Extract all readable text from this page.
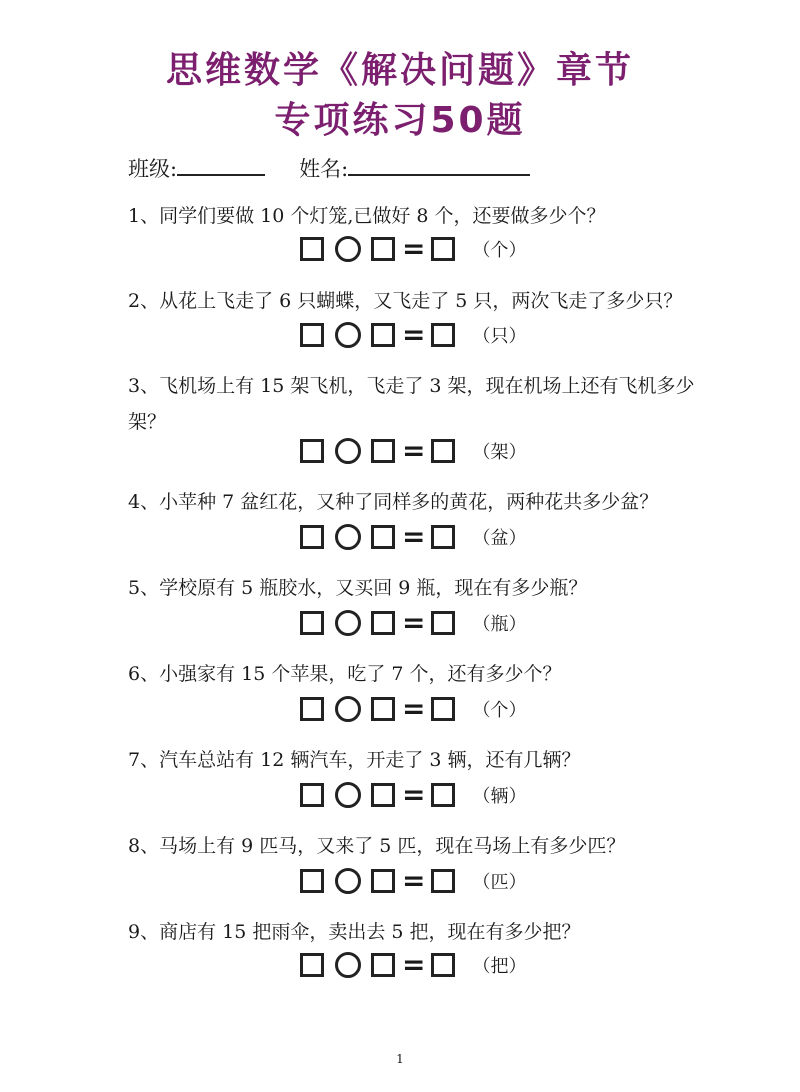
思维数学《解决问题》章节
专项练习50题
班级:	姓名:

1、同学们要做 10 个灯笼,已做好 8 个，还要做多少个？

=	（个）

2、从花上飞走了 6 只蝴蝶，又飞走了 5 只，两次飞走了多少只？

=	（只）

3、飞机场上有 15 架飞机，飞走了 3 架，现在机场上还有飞机多少架？

=	（架）

4、小苹种 7 盆红花，又种了同样多的黄花，两种花共多少盆？

=	（盆）

5、学校原有 5 瓶胶水，又买回 9 瓶，现在有多少瓶？

=	（瓶）

6、小强家有 15 个苹果，吃了 7 个，还有多少个？

=	（个）

7、汽车总站有 12 辆汽车，开走了 3 辆，还有几辆？

=	（辆）

8、马场上有 9 匹马，又来了 5 匹，现在马场上有多少匹？

=	（匹）

9、商店有 15 把雨伞，卖出去 5 把，现在有多少把？

=	（把）
1
